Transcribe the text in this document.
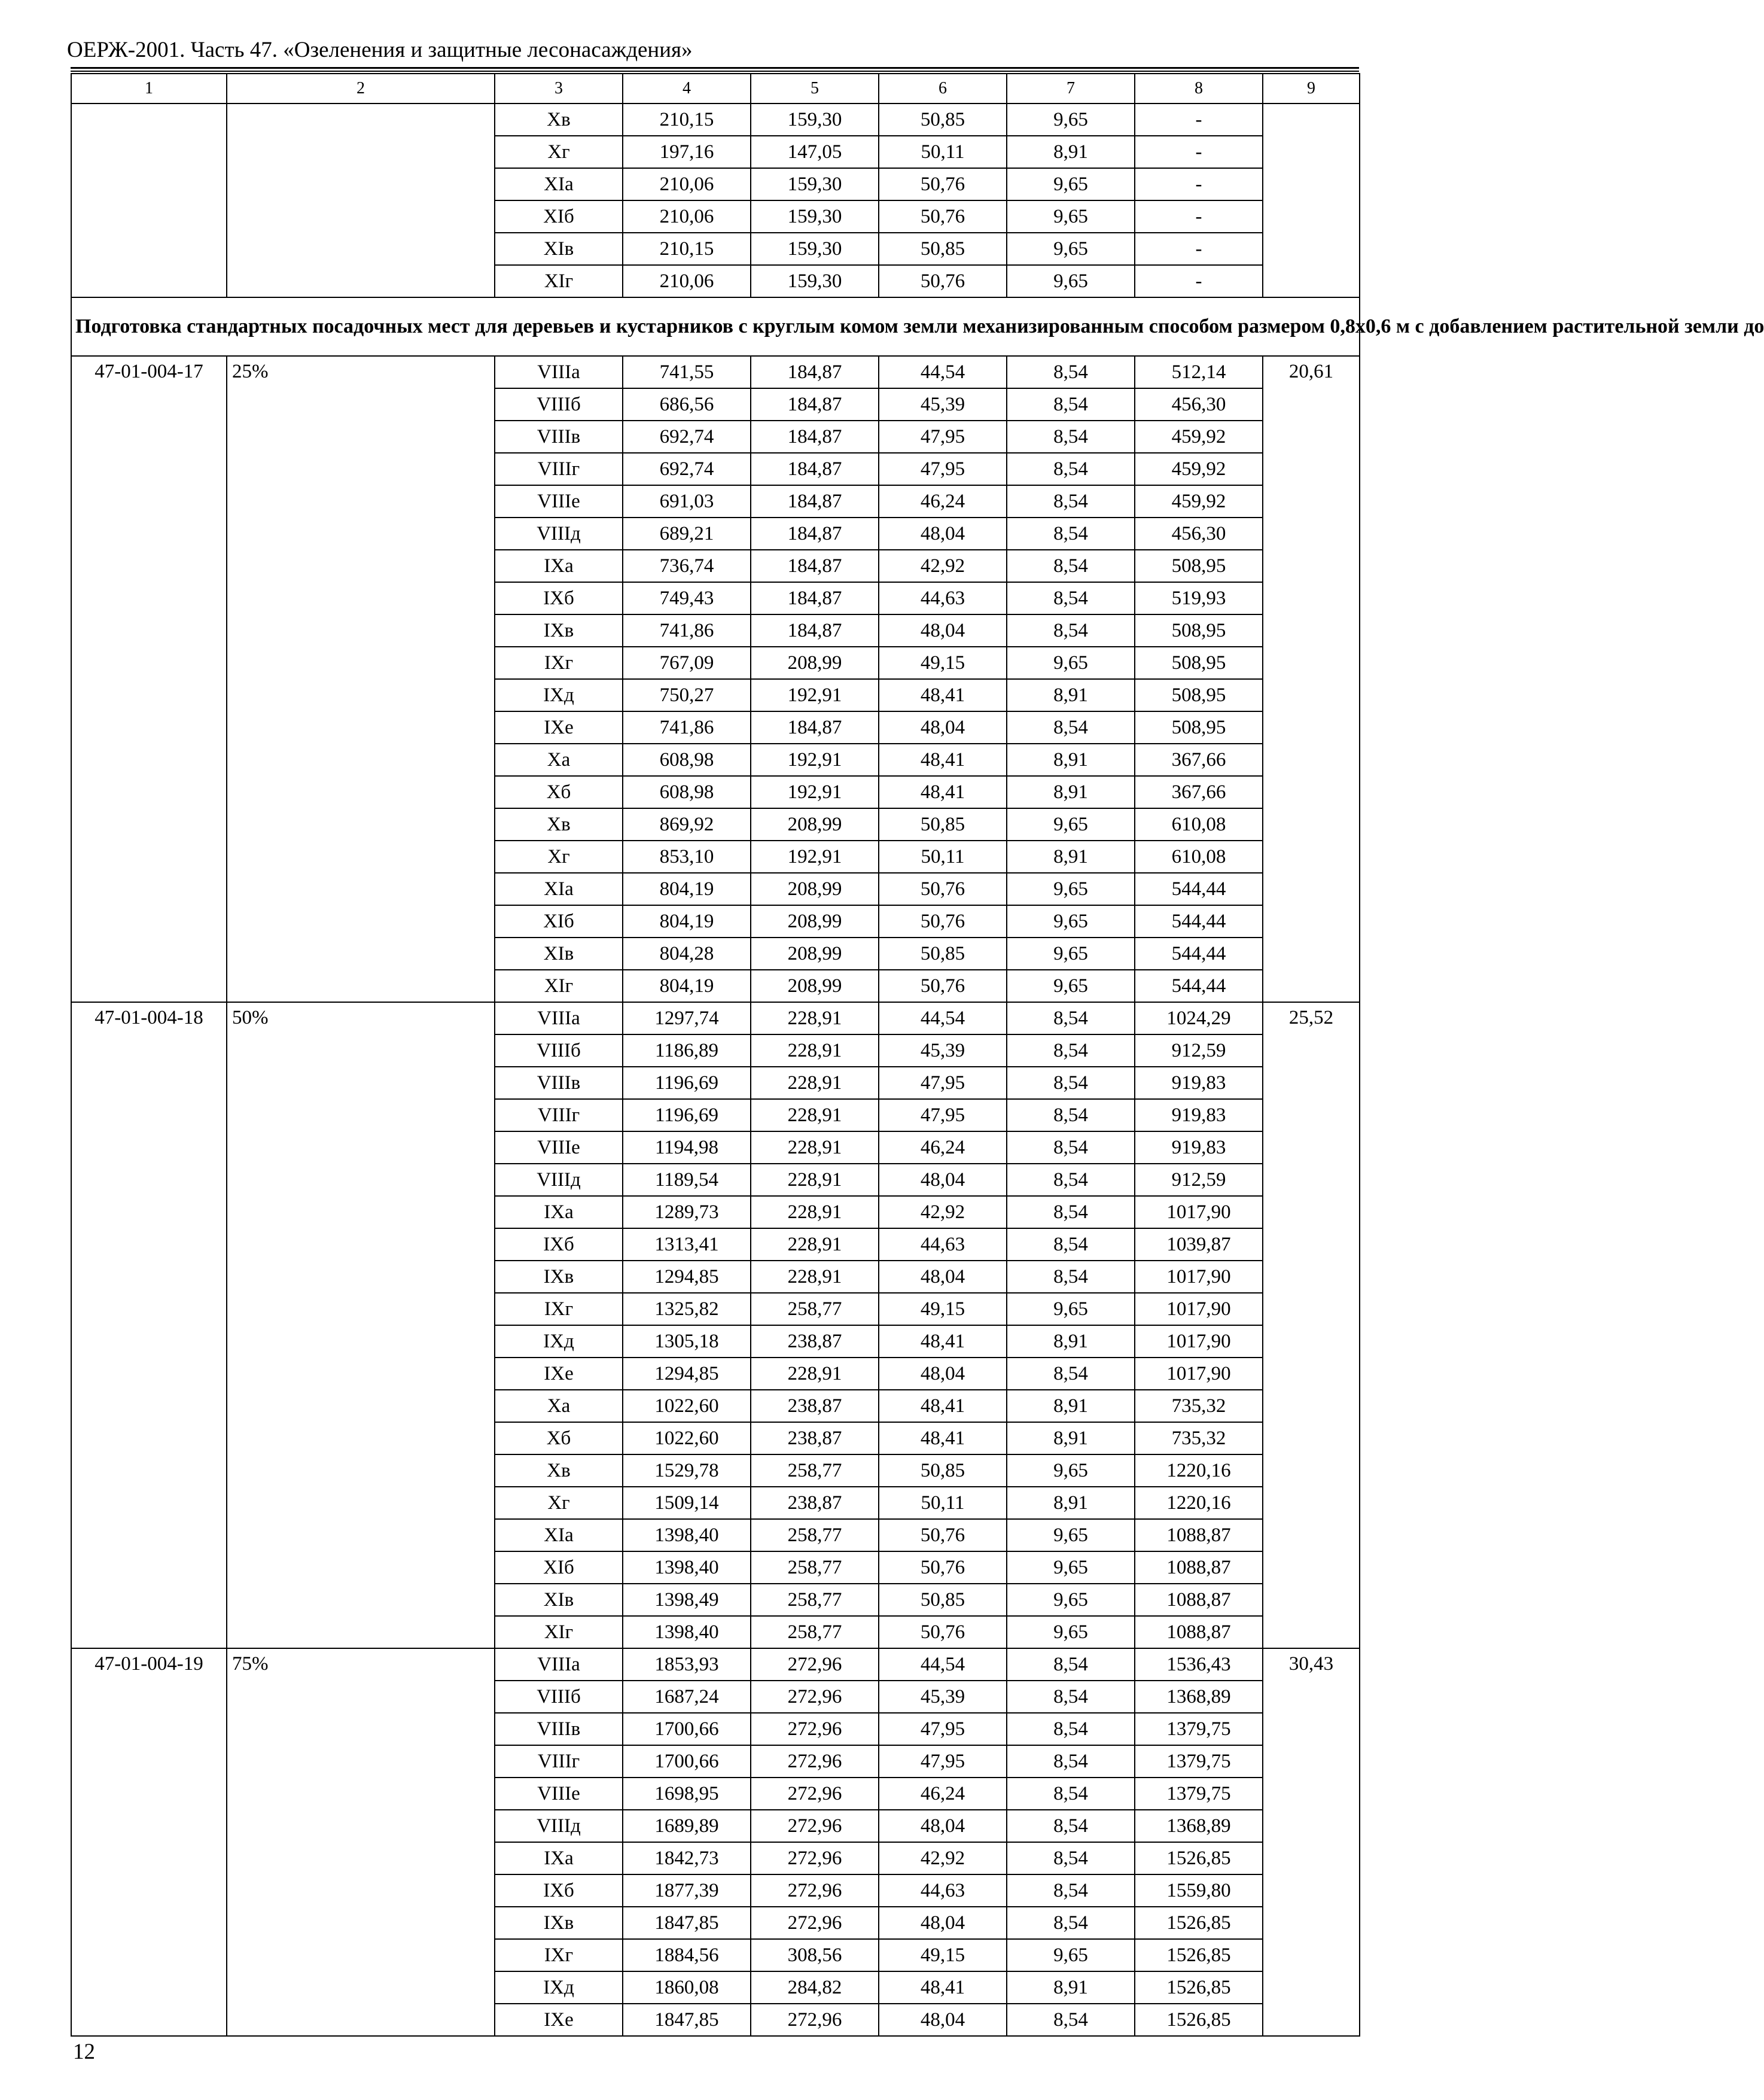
ОЕРЖ-2001. Часть 47. «Озеленения и защитные лесонасаждения»
1	2	3	4	5	6	7	8	9
		Хв	210,15	159,30	50,85	9,65	-	
		Хг	197,16	147,05	50,11	8,91	-	
		ХIа	210,06	159,30	50,76	9,65	-	
		ХIб	210,06	159,30	50,76	9,65	-	
		ХIв	210,15	159,30	50,85	9,65	-	
		ХIг	210,06	159,30	50,76	9,65	-	
Подготовка стандартных посадочных мест для деревьев и кустарников с круглым комом земли механизированным способом размером 0,8х0,6 м с добавлением растительной земли до								
47-01-004-17	25%	VIIIа	741,55	184,87	44,54	8,54	512,14	20,61
		VIIIб	686,56	184,87	45,39	8,54	456,30	
		VIIIв	692,74	184,87	47,95	8,54	459,92	
		VIIIг	692,74	184,87	47,95	8,54	459,92	
		VIIIе	691,03	184,87	46,24	8,54	459,92	
		VIIIд	689,21	184,87	48,04	8,54	456,30	
		IХа	736,74	184,87	42,92	8,54	508,95	
		IХб	749,43	184,87	44,63	8,54	519,93	
		IХв	741,86	184,87	48,04	8,54	508,95	
		IХг	767,09	208,99	49,15	9,65	508,95	
		IХд	750,27	192,91	48,41	8,91	508,95	
		IХе	741,86	184,87	48,04	8,54	508,95	
		Ха	608,98	192,91	48,41	8,91	367,66	
		Хб	608,98	192,91	48,41	8,91	367,66	
		Хв	869,92	208,99	50,85	9,65	610,08	
		Хг	853,10	192,91	50,11	8,91	610,08	
		ХIа	804,19	208,99	50,76	9,65	544,44	
		ХIб	804,19	208,99	50,76	9,65	544,44	
		ХIв	804,28	208,99	50,85	9,65	544,44	
		ХIг	804,19	208,99	50,76	9,65	544,44	
47-01-004-18	50%	VIIIа	1297,74	228,91	44,54	8,54	1024,29	25,52
		VIIIб	1186,89	228,91	45,39	8,54	912,59	
		VIIIв	1196,69	228,91	47,95	8,54	919,83	
		VIIIг	1196,69	228,91	47,95	8,54	919,83	
		VIIIе	1194,98	228,91	46,24	8,54	919,83	
		VIIIд	1189,54	228,91	48,04	8,54	912,59	
		IХа	1289,73	228,91	42,92	8,54	1017,90	
		IХб	1313,41	228,91	44,63	8,54	1039,87	
		IХв	1294,85	228,91	48,04	8,54	1017,90	
		IХг	1325,82	258,77	49,15	9,65	1017,90	
		IХд	1305,18	238,87	48,41	8,91	1017,90	
		IХе	1294,85	228,91	48,04	8,54	1017,90	
		Ха	1022,60	238,87	48,41	8,91	735,32	
		Хб	1022,60	238,87	48,41	8,91	735,32	
		Хв	1529,78	258,77	50,85	9,65	1220,16	
		Хг	1509,14	238,87	50,11	8,91	1220,16	
		ХIа	1398,40	258,77	50,76	9,65	1088,87	
		ХIб	1398,40	258,77	50,76	9,65	1088,87	
		ХIв	1398,49	258,77	50,85	9,65	1088,87	
		ХIг	1398,40	258,77	50,76	9,65	1088,87	
47-01-004-19	75%	VIIIа	1853,93	272,96	44,54	8,54	1536,43	30,43
		VIIIб	1687,24	272,96	45,39	8,54	1368,89	
		VIIIв	1700,66	272,96	47,95	8,54	1379,75	
		VIIIг	1700,66	272,96	47,95	8,54	1379,75	
		VIIIе	1698,95	272,96	46,24	8,54	1379,75	
		VIIIд	1689,89	272,96	48,04	8,54	1368,89	
		IХа	1842,73	272,96	42,92	8,54	1526,85	
		IХб	1877,39	272,96	44,63	8,54	1559,80	
		IХв	1847,85	272,96	48,04	8,54	1526,85	
		IХг	1884,56	308,56	49,15	9,65	1526,85	
		IХд	1860,08	284,82	48,41	8,91	1526,85	
		IХе	1847,85	272,96	48,04	8,54	1526,85	
12
